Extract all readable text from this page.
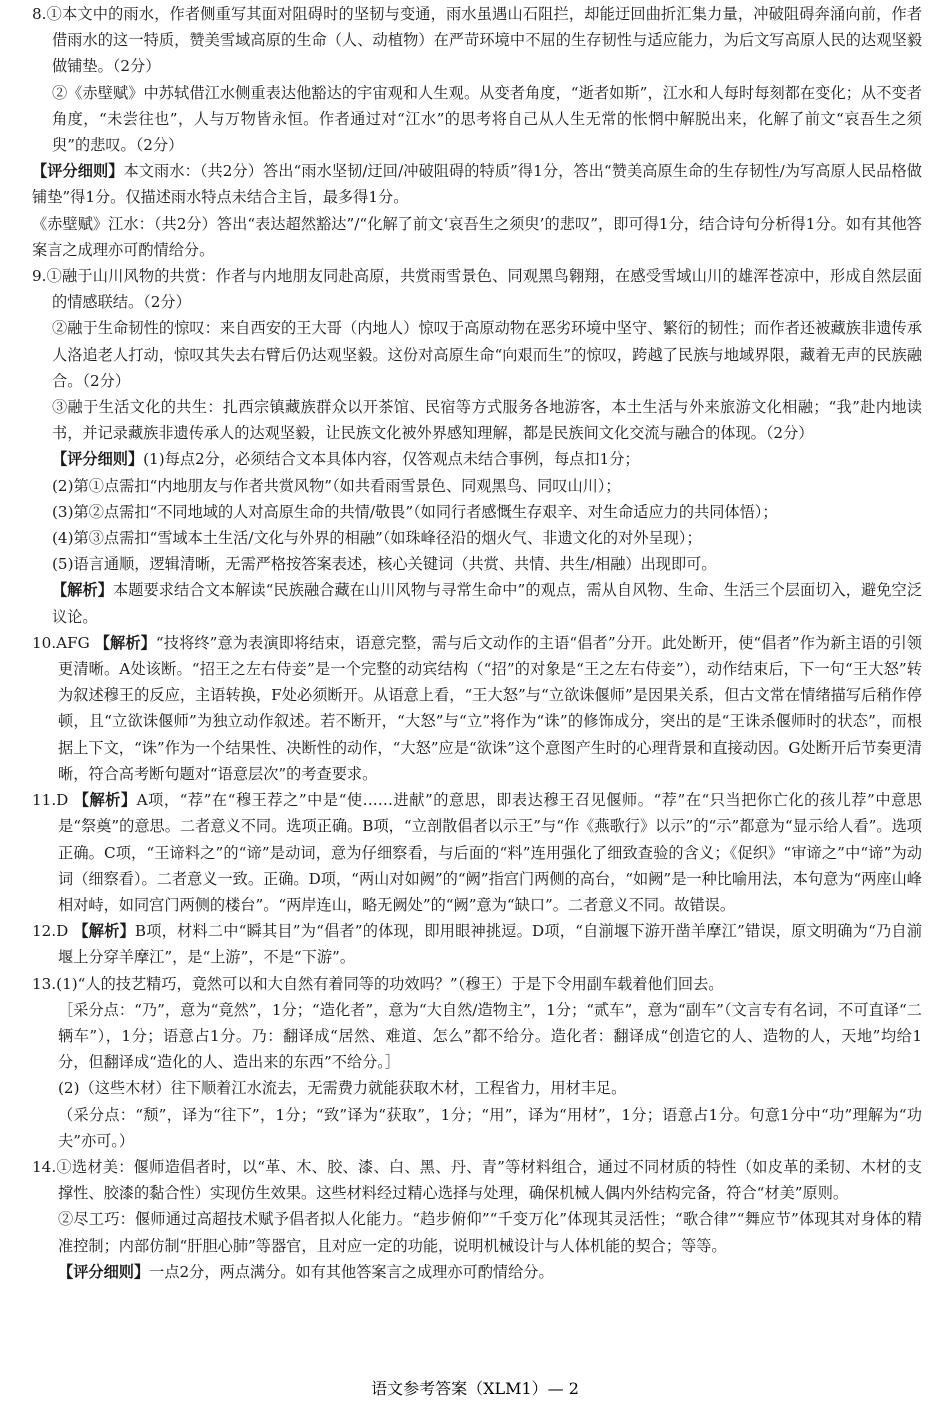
8.①本文中的雨水，作者侧重写其面对阻碍时的坚韧与变通，雨水虽遇山石阻拦，却能迂回曲折汇集力量，冲破阻碍奔涌向前，作者借雨水的这一特质，赞美雪域高原的生命（人、动植物）在严苛环境中不屈的生存韧性与适应能力，为后文写高原人民的达观坚毅做铺垫。（2分）

②《赤壁赋》中苏轼借江水侧重表达他豁达的宇宙观和人生观。从变者角度，“逝者如斯”，江水和人每时每刻都在变化；从不变者角度，“未尝往也”，人与万物皆永恒。作者通过对“江水”的思考将自己从人生无常的怅惘中解脱出来，化解了前文“哀吾生之须臾”的悲叹。（2分）

【评分细则】本文雨水：（共2分）答出“雨水坚韧/迂回/冲破阻碍的特质”得1分，答出“赞美高原生命的生存韧性/为写高原人民品格做铺垫”得1分。仅描述雨水特点未结合主旨，最多得1分。

《赤壁赋》江水：（共2分）答出“表达超然豁达”/“化解了前文‘哀吾生之须臾’的悲叹”，即可得1分，结合诗句分析得1分。如有其他答案言之成理亦可酌情给分。

9.①融于山川风物的共赏：作者与内地朋友同赴高原，共赏雨雪景色、同观黑鸟翱翔，在感受雪域山川的雄浑苍凉中，形成自然层面的情感联结。（2分）

②融于生命韧性的惊叹：来自西安的王大哥（内地人）惊叹于高原动物在恶劣环境中坚守、繁衍的韧性；而作者还被藏族非遗传承人洛追老人打动，惊叹其失去右臂后仍达观坚毅。这份对高原生命“向艰而生”的惊叹，跨越了民族与地域界限，藏着无声的民族融合。（2分）

③融于生活文化的共生：扎西宗镇藏族群众以开茶馆、民宿等方式服务各地游客，本土生活与外来旅游文化相融；“我”赴内地读书，并记录藏族非遗传承人的达观坚毅，让民族文化被外界感知理解，都是民族间文化交流与融合的体现。（2分）

【评分细则】(1)每点2分，必须结合文本具体内容，仅答观点未结合事例，每点扣1分；

(2)第①点需扣“内地朋友与作者共赏风物”（如共看雨雪景色、同观黑鸟、同叹山川）；

(3)第②点需扣“不同地域的人对高原生命的共情/敬畏”（如同行者感慨生存艰辛、对生命适应力的共同体悟）；

(4)第③点需扣“雪域本土生活/文化与外界的相融”（如珠峰径沿的烟火气、非遗文化的对外呈现）；

(5)语言通顺，逻辑清晰，无需严格按答案表述，核心关键词（共赏、共情、共生/相融）出现即可。

【解析】本题要求结合文本解读“民族融合藏在山川风物与寻常生命中”的观点，需从自风物、生命、生活三个层面切入，避免空泛议论。

10.AFG 【解析】“技将终”意为表演即将结束，语意完整，需与后文动作的主语“倡者”分开。此处断开，使“倡者”作为新主语的引领更清晰。A处该断。“招王之左右侍妾”是一个完整的动宾结构（“招”的对象是“王之左右侍妾”），动作结束后，下一句“王大怒”转为叙述穆王的反应，主语转换，F处必须断开。从语意上看，“王大怒”与“立欲诛偃师”是因果关系，但古文常在情绪描写后稍作停顿，且“立欲诛偃师”为独立动作叙述。若不断开，“大怒”与“立”将作为“诛”的修饰成分，突出的是“王诛杀偃师时的状态”，而根据上下文，“诛”作为一个结果性、决断性的动作，“大怒”应是“欲诛”这个意图产生时的心理背景和直接动因。G处断开后节奏更清晰，符合高考断句题对“语意层次”的考查要求。

11.D 【解析】A项，“荐”在“穆王荐之”中是“使……进献”的意思，即表达穆王召见偃师。“荐”在“只当把你亡化的孩儿荐”中意思是“祭奠”的意思。二者意义不同。选项正确。B项，“立剖散倡者以示王”与“作《燕歌行》以示”的“示”都意为“显示给人看”。选项正确。C项，“王谛料之”的“谛”是动词，意为仔细察看，与后面的“料”连用强化了细致查验的含义；《促织》“审谛之”中“谛”为动词（细察看）。二者意义一致。正确。D项，“两山对如阙”的“阙”指宫门两侧的高台，“如阙”是一种比喻用法，本句意为“两座山峰相对峙，如同宫门两侧的楼台”。“两岸连山，略无阙处”的“阙”意为“缺口”。二者意义不同。故错误。

12.D 【解析】B项，材料二中“瞬其目”为“倡者”的体现，即用眼神挑逗。D项，“自湔堰下游开凿羊摩江”错误，原文明确为“乃自湔堰上分穿羊摩江”，是“上游”，不是“下游”。

13.(1)“人的技艺精巧，竟然可以和大自然有着同等的功效吗？”（穆王）于是下令用副车载着他们回去。

［采分点：“乃”，意为“竟然”，1分；“造化者”，意为“大自然/造物主”，1分；“贰车”，意为“副车”（文言专有名词，不可直译“二辆车”），1分；语意占1分。乃：翻译成“居然、难道、怎么”都不给分。造化者：翻译成“创造它的人、造物的人，天地”均给1分，但翻译成“造化的人、造出来的东西”不给分。］

(2)（这些木材）往下顺着江水流去，无需费力就能获取木材，工程省力，用材丰足。

（采分点：“颓”，译为“往下”，1分；“致”译为“获取”，1分；“用”，译为“用材”，1分；语意占1分。句意1分中“功”理解为“功夫”亦可。）

14.①选材美：偃师造倡者时，以“革、木、胶、漆、白、黑、丹、青”等材料组合，通过不同材质的特性（如皮革的柔韧、木材的支撑性、胶漆的黏合性）实现仿生效果。这些材料经过精心选择与处理，确保机械人偶内外结构完备，符合“材美”原则。

②尽工巧：偃师通过高超技术赋予倡者拟人化能力。“趋步俯仰”“千变万化”体现其灵活性；“歌合律”“舞应节”体现其对身体的精准控制；内部仿制“肝胆心肺”等器官，且对应一定的功能，说明机械设计与人体机能的契合；等等。

【评分细则】一点2分，两点满分。如有其他答案言之成理亦可酌情给分。

语文参考答案（XLM1）— 2
